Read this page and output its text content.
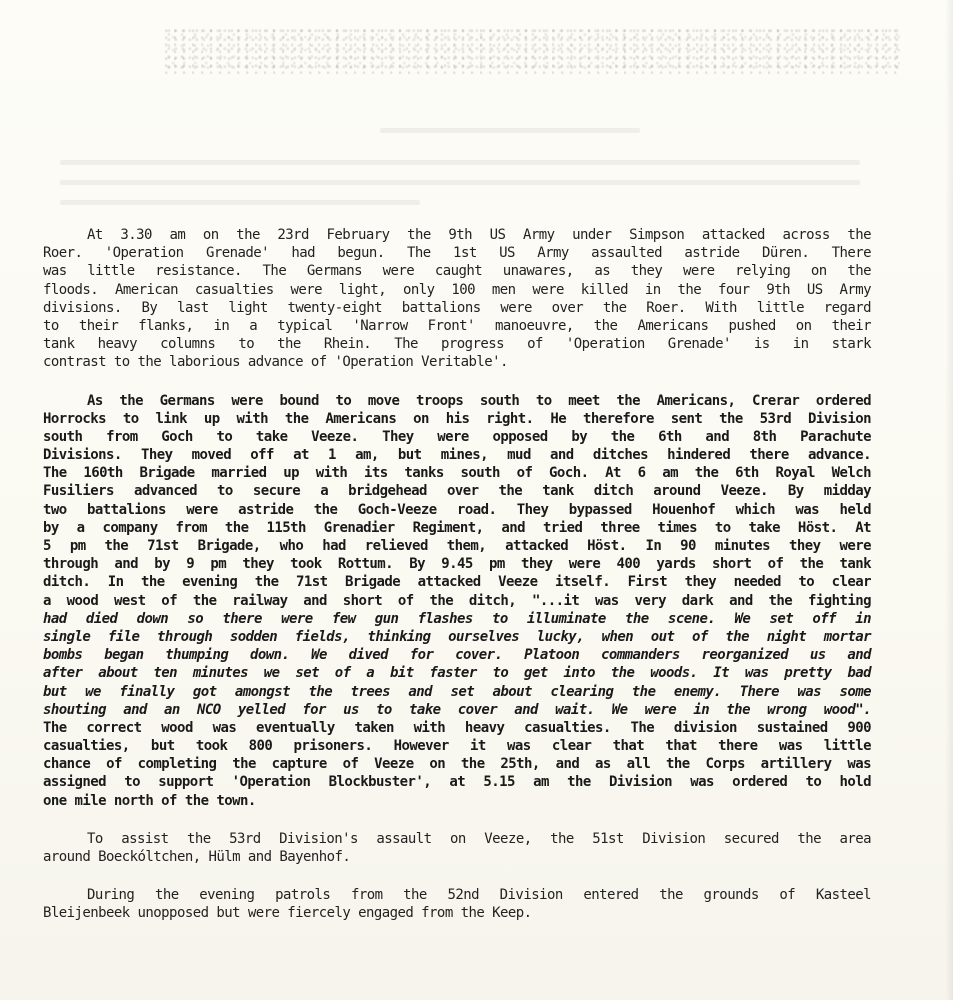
At 3.30 am on the 23rd February the 9th US Army under Simpson attacked across the
Roer. 'Operation Grenade' had begun. The 1st US Army assaulted astride Düren. There
was little resistance. The Germans were caught unawares, as they were relying on the
floods. American casualties were light, only 100 men were killed in the four 9th US Army
divisions. By last light twenty-eight battalions were over the Roer. With little regard
to their flanks, in a typical 'Narrow Front' manoeuvre, the Americans pushed on their
tank heavy columns to the Rhein. The progress of 'Operation Grenade' is in stark
contrast to the laborious advance of 'Operation Veritable'.
As the Germans were bound to move troops south to meet the Americans, Crerar ordered
Horrocks to link up with the Americans on his right. He therefore sent the 53rd Division
south from Goch to take Veeze. They were opposed by the 6th and 8th Parachute
Divisions. They moved off at 1 am, but mines, mud and ditches hindered there advance.
The 160th Brigade married up with its tanks south of Goch. At 6 am the 6th Royal Welch
Fusiliers advanced to secure a bridgehead over the tank ditch around Veeze. By midday
two battalions were astride the Goch-Veeze road. They bypassed Houenhof which was held
by a company from the 115th Grenadier Regiment, and tried three times to take Höst. At
5 pm the 71st Brigade, who had relieved them, attacked Höst. In 90 minutes they were
through and by 9 pm they took Rottum. By 9.45 pm they were 400 yards short of the tank
ditch. In the evening the 71st Brigade attacked Veeze itself. First they needed to clear
a wood west of the railway and short of the ditch, "...it was very dark and the fighting
had died down so there were few gun flashes to illuminate the scene. We set off in
single file through sodden fields, thinking ourselves lucky, when out of the night mortar
bombs began thumping down. We dived for cover. Platoon commanders reorganized us and
after about ten minutes we set of a bit faster to get into the woods. It was pretty bad
but we finally got amongst the trees and set about clearing the enemy. There was some
shouting and an NCO yelled for us to take cover and wait. We were in the wrong wood".
The correct wood was eventually taken with heavy casualties. The division sustained 900
casualties, but took 800 prisoners. However it was clear that that there was little
chance of completing the capture of Veeze on the 25th, and as all the Corps artillery was
assigned to support 'Operation Blockbuster', at 5.15 am the Division was ordered to hold
one mile north of the town.
To assist the 53rd Division's assault on Veeze, the 51st Division secured the area
around Boeckóltchen, Hülm and Bayenhof.
During the evening patrols from the 52nd Division entered the grounds of Kasteel
Bleijenbeek unopposed but were fiercely engaged from the Keep.
